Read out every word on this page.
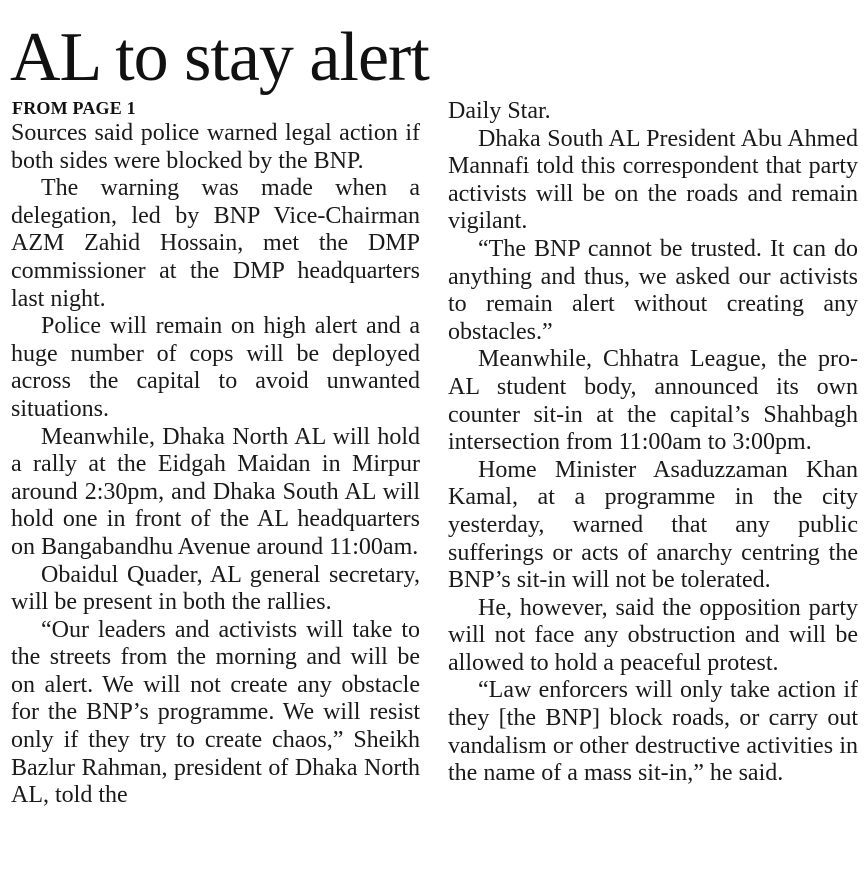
AL to stay alert
FROM PAGE 1

Sources said police warned legal action if both sides were blocked by the BNP.

The warning was made when a delegation, led by BNP Vice-Chairman AZM Zahid Hossain, met the DMP commissioner at the DMP headquarters last night.

Police will remain on high alert and a huge number of cops will be deployed across the capital to avoid unwanted situations.

Meanwhile, Dhaka North AL will hold a rally at the Eidgah Maidan in Mirpur around 2:30pm, and Dhaka South AL will hold one in front of the AL headquarters on Bangabandhu Avenue around 11:00am.

Obaidul Quader, AL general secretary, will be present in both the rallies.

“Our leaders and activists will take to the streets from the morning and will be on alert. We will not create any obstacle for the BNP’s programme. We will resist only if they try to create chaos,” Sheikh Bazlur Rahman, president of Dhaka North AL, told the

Daily Star.

Dhaka South AL President Abu Ahmed Mannafi told this correspondent that party activists will be on the roads and remain vigilant.

“The BNP cannot be trusted. It can do anything and thus, we asked our activists to remain alert without creating any obstacles.”

Meanwhile, Chhatra League, the pro-AL student body, announced its own counter sit-in at the capital’s Shahbagh intersection from 11:00am to 3:00pm.

Home Minister Asaduzzaman Khan Kamal, at a programme in the city yesterday, warned that any public sufferings or acts of anarchy centring the BNP’s sit-in will not be tolerated.

He, however, said the opposition party will not face any obstruction and will be allowed to hold a peaceful protest.

“Law enforcers will only take action if they [the BNP] block roads, or carry out vandalism or other destructive activities in the name of a mass sit-in,” he said.
